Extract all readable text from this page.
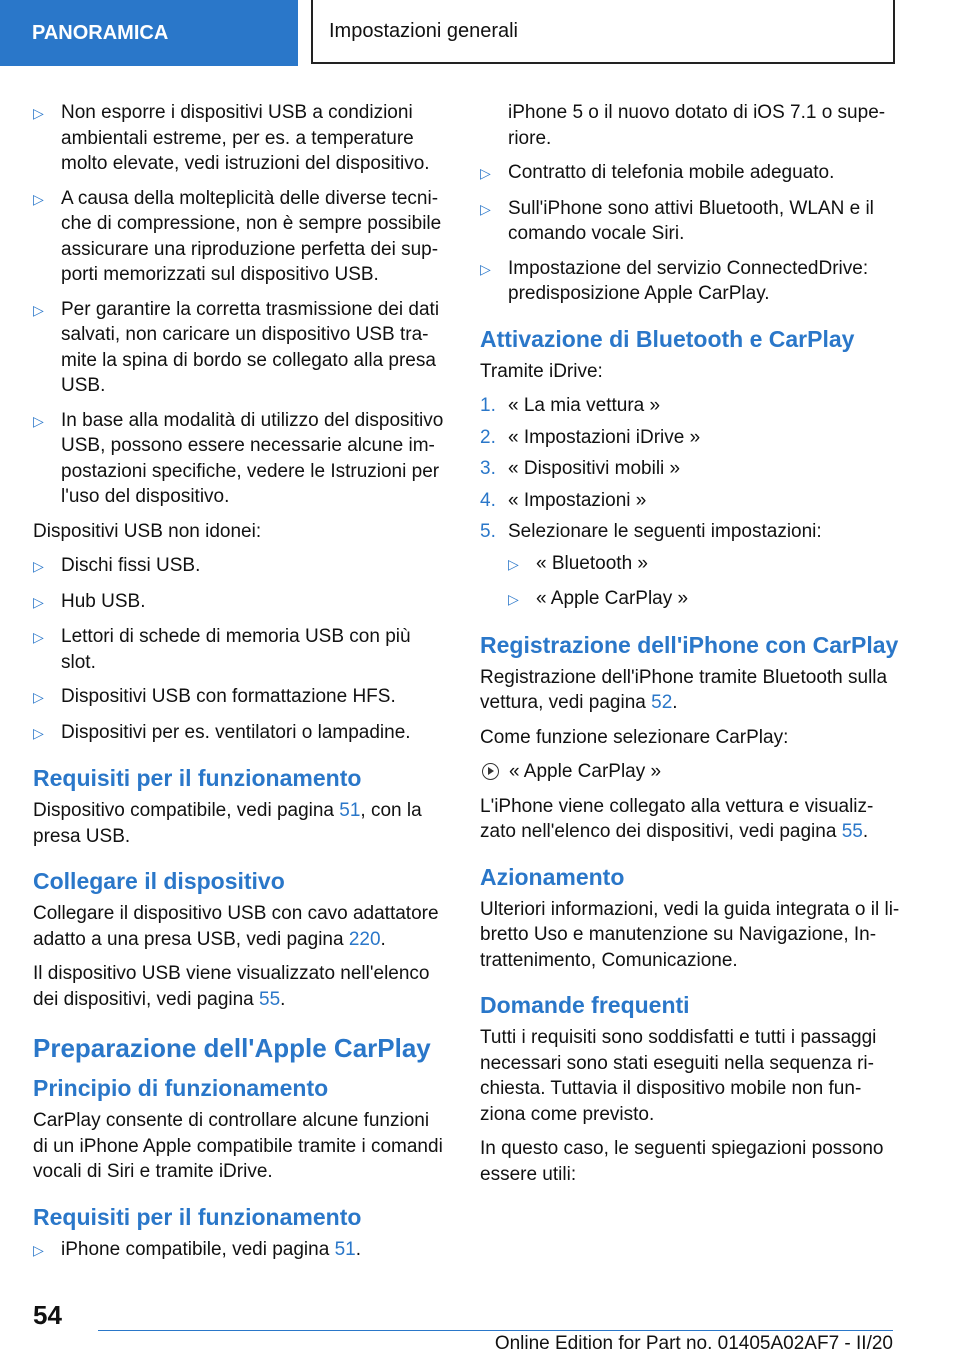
PANORAMICA	Impostazioni generali
▷ Non esporre i dispositivi USB a condizioni ambientali estreme, per es. a temperature molto elevate, vedi istruzioni del dispositivo.
▷ A causa della molteplicità delle diverse tecniche di compressione, non è sempre possibile assicurare una riproduzione perfetta dei supporti memorizzati sul dispositivo USB.
▷ Per garantire la corretta trasmissione dei dati salvati, non caricare un dispositivo USB tramite la spina di bordo se collegato alla presa USB.
▷ In base alla modalità di utilizzo del dispositivo USB, possono essere necessarie alcune impostazioni specifiche, vedere le Istruzioni per l'uso del dispositivo.
Dispositivi USB non idonei:
▷ Dischi fissi USB.
▷ Hub USB.
▷ Lettori di schede di memoria USB con più slot.
▷ Dispositivi USB con formattazione HFS.
▷ Dispositivi per es. ventilatori o lampadine.
Requisiti per il funzionamento
Dispositivo compatibile, vedi pagina 51, con la presa USB.
Collegare il dispositivo
Collegare il dispositivo USB con cavo adattatore adatto a una presa USB, vedi pagina 220.
Il dispositivo USB viene visualizzato nell'elenco dei dispositivi, vedi pagina 55.
Preparazione dell'Apple CarPlay
Principio di funzionamento
CarPlay consente di controllare alcune funzioni di un iPhone Apple compatibile tramite i comandi vocali di Siri e tramite iDrive.
Requisiti per il funzionamento
▷ iPhone compatibile, vedi pagina 51.
iPhone 5 o il nuovo dotato di iOS 7.1 o superiore.
▷ Contratto di telefonia mobile adeguato.
▷ Sull'iPhone sono attivi Bluetooth, WLAN e il comando vocale Siri.
▷ Impostazione del servizio ConnectedDrive: predisposizione Apple CarPlay.
Attivazione di Bluetooth e CarPlay
Tramite iDrive:
1. « La mia vettura »
2. « Impostazioni iDrive »
3. « Dispositivi mobili »
4. « Impostazioni »
5. Selezionare le seguenti impostazioni:
▷ « Bluetooth »
▷ « Apple CarPlay »
Registrazione dell'iPhone con CarPlay
Registrazione dell'iPhone tramite Bluetooth sulla vettura, vedi pagina 52.
Come funzione selezionare CarPlay:
« Apple CarPlay »
L'iPhone viene collegato alla vettura e visualizzato nell'elenco dei dispositivi, vedi pagina 55.
Azionamento
Ulteriori informazioni, vedi la guida integrata o il libretto Uso e manutenzione su Navigazione, Intrattenimento, Comunicazione.
Domande frequenti
Tutti i requisiti sono soddisfatti e tutti i passaggi necessari sono stati eseguiti nella sequenza richiesta. Tuttavia il dispositivo mobile non funziona come previsto.
In questo caso, le seguenti spiegazioni possono essere utili:
54
Online Edition for Part no. 01405A02AF7 - II/20
